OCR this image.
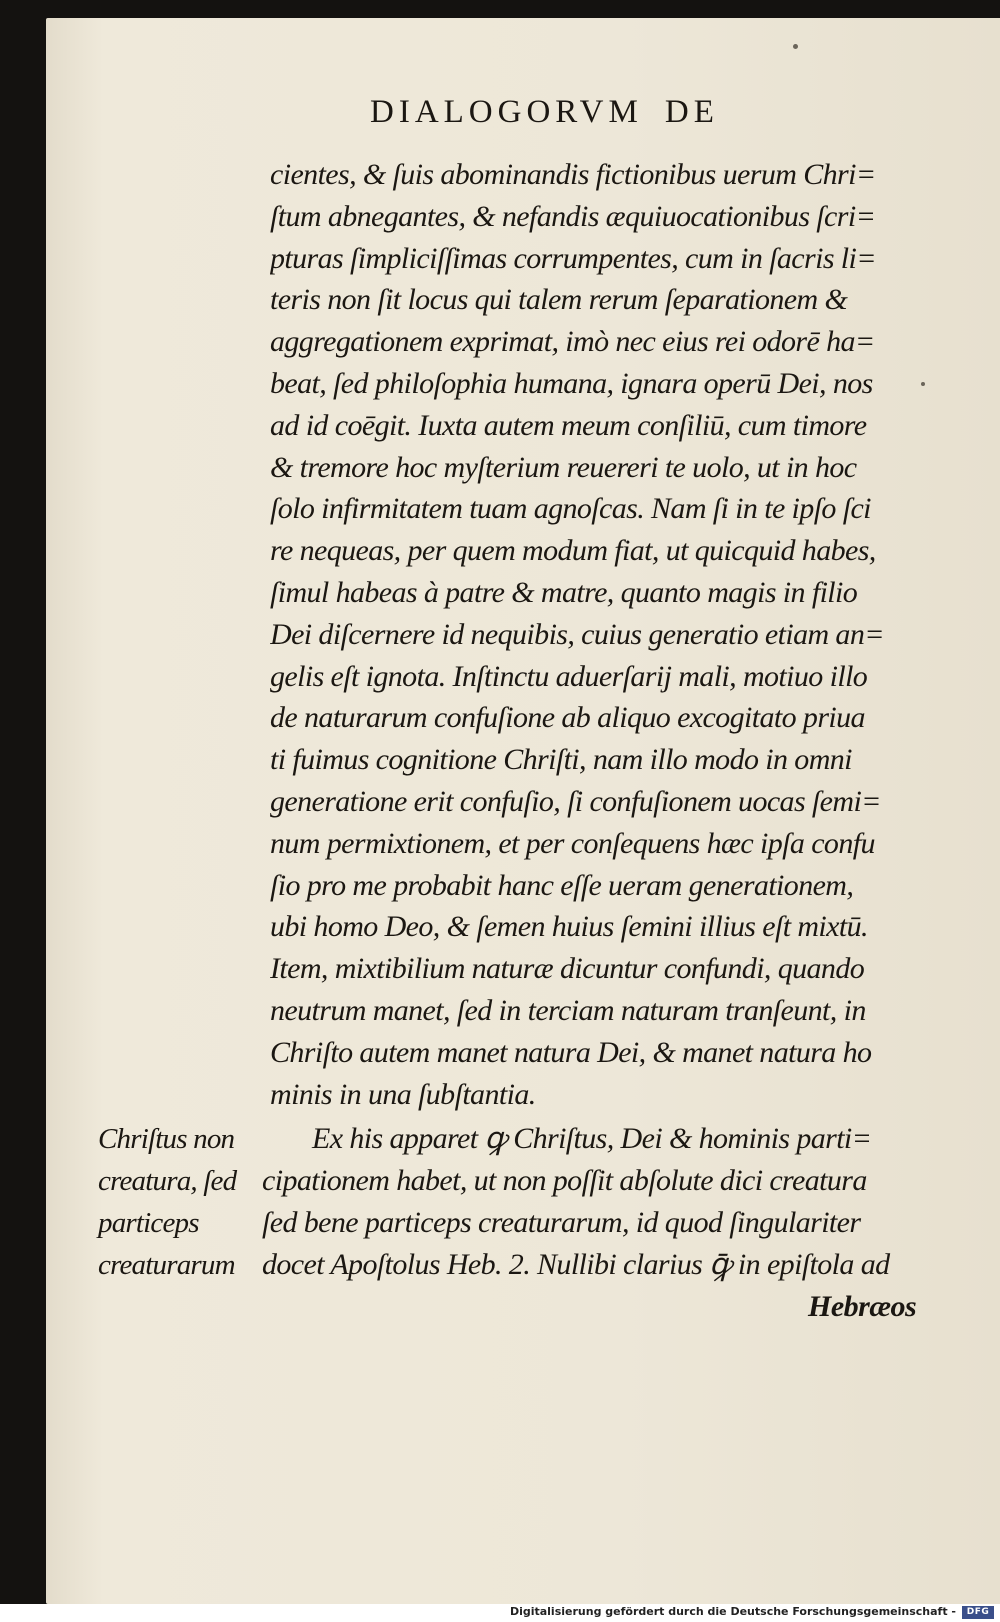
DIALOGORVM DE
cientes, & ſuis abominandis fictionibus uerum Chri=
ſtum abnegantes, & nefandis æquiuocationibus ſcri=
pturas ſimpliciſſimas corrumpentes, cum in ſacris li=
teris non ſit locus qui talem rerum ſeparationem &
aggregationem exprimat, imò nec eius rei odorē ha=
beat, ſed philoſophia humana, ignara operū Dei, nos
ad id coēgit. Iuxta autem meum conſiliū, cum timore
& tremore hoc myſterium reuereri te uolo, ut in hoc
ſolo infirmitatem tuam agnoſcas. Nam ſi in te ipſo ſci
re nequeas, per quem modum fiat, ut quicquid habes,
ſimul habeas à patre & matre, quanto magis in filio
Dei diſcernere id nequibis, cuius generatio etiam an=
gelis eſt ignota. Inſtinctu aduerſarij mali, motiuo illo
de naturarum confuſione ab aliquo excogitato priua
ti fuimus cognitione Chriſti, nam illo modo in omni
generatione erit confuſio, ſi confuſionem uocas ſemi=
num permixtionem, et per conſequens hæc ipſa confu
ſio pro me probabit hanc eſſe ueram generationem,
ubi homo Deo, & ſemen huius ſemini illius eſt mixtū.
Item, mixtibilium naturæ dicuntur confundi, quando
neutrum manet, ſed in terciam naturam tranſeunt, in
Chriſto autem manet natura Dei, & manet natura ho
minis in una ſubſtantia.
Chriſtus non
creatura, ſed
particeps
creaturarum
Ex his apparet ꝙ Chriſtus, Dei & hominis parti=
cipationem habet, ut non poſſit abſolute dici creatura
ſed bene particeps creaturarum, id quod ſingulariter
docet Apoſtolus Heb. 2. Nullibi clarius ꝙ̄ in epiſtola ad
Hebræos
Digitalisierung gefördert durch die Deutsche Forschungsgemeinschaft -	DFG
